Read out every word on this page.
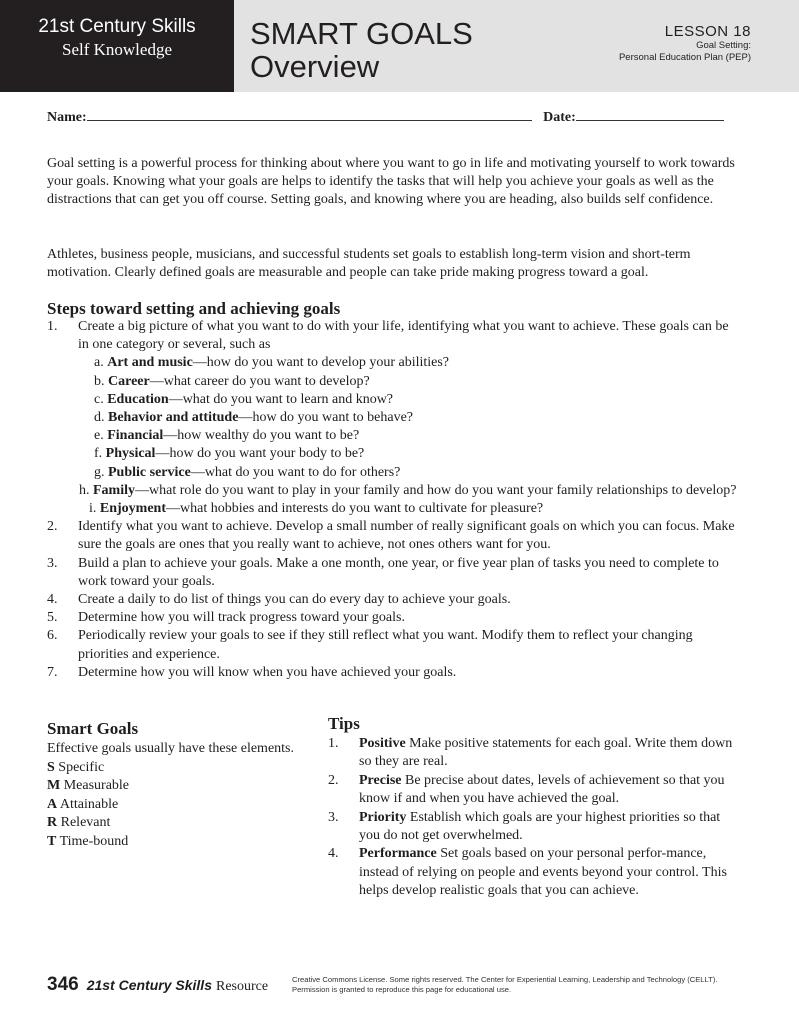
21st Century Skills
Self Knowledge	SMART GOALS
Overview
LESSON 18
Goal Setting:
Personal Education Plan (PEP)
Name:	Date:
Goal setting is a powerful process for thinking about where you want to go in life and motivating yourself to work towards your goals. Knowing what your goals are helps to identify the tasks that will help you achieve your goals as well as the distractions that can get you off course. Setting goals, and knowing where you are heading, also builds self confidence.
Athletes, business people, musicians, and successful students set goals to establish long-term vision and short-term motivation. Clearly defined goals are measurable and people can take pride making progress toward a goal.
Steps toward setting and achieving goals
1. Create a big picture of what you want to do with your life, identifying what you want to achieve. These goals can be in one category or several, such as
a. Art and music—how do you want to develop your abilities?
b. Career—what career do you want to develop?
c. Education—what do you want to learn and know?
d. Behavior and attitude—how do you want to behave?
e. Financial—how wealthy do you want to be?
f. Physical—how do you want your body to be?
g. Public service—what do you want to do for others?
h. Family—what role do you want to play in your family and how do you want your family relationships to develop?
i. Enjoyment—what hobbies and interests do you want to cultivate for pleasure?
2. Identify what you want to achieve. Develop a small number of really significant goals on which you can focus. Make sure the goals are ones that you really want to achieve, not ones others want for you.
3. Build a plan to achieve your goals. Make a one month, one year, or five year plan of tasks you need to complete to work toward your goals.
4. Create a daily to do list of things you can do every day to achieve your goals.
5. Determine how you will track progress toward your goals.
6. Periodically review your goals to see if they still reflect what you want. Modify them to reflect your changing priorities and experience.
7. Determine how you will know when you have achieved your goals.
Smart Goals
Effective goals usually have these elements.
S Specific
M Measurable
A Attainable
R Relevant
T Time-bound
Tips
1. Positive Make positive statements for each goal. Write them down so they are real.
2. Precise Be precise about dates, levels of achievement so that you know if and when you have achieved the goal.
3. Priority Establish which goals are your highest priorities so that you do not get overwhelmed.
4. Performance Set goals based on your personal perfor-mance, instead of relying on people and events beyond your control. This helps develop realistic goals that you can achieve.
346 21st Century Skills Resource	Creative Commons License. Some rights reserved. The Center for Experiential Learning, Leadership and Technology (CELLT).
Permission is granted to reproduce this page for educational use.
